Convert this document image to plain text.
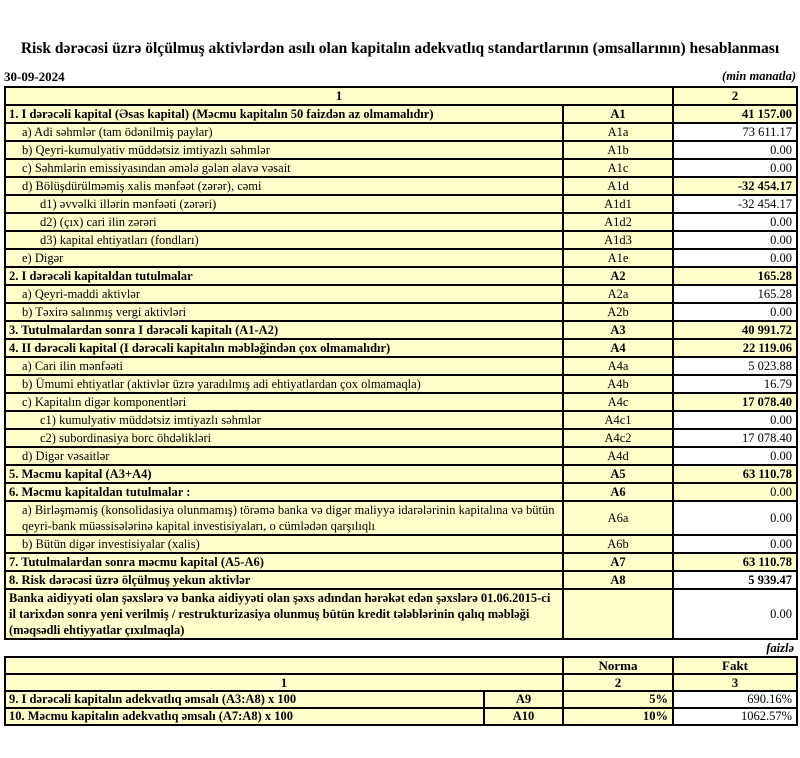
Risk dərəcəsi üzrə ölçülmuş aktivlərdən asılı olan kapitalın adekvatlıq standartlarının (əmsallarının) hesablanması
30-09-2024	(min manatla)
1		2
1. I dərəcəli kapital (Əsas kapital) (Məcmu kapitalın 50 faizdən az olmamalıdır)	A1	41 157.00
a) Adi səhmlər (tam ödənilmiş paylar)	A1a	73 611.17
b) Qeyri-kumulyativ müddətsiz imtiyazlı səhmlər	A1b	0.00
c) Səhmlərin emissiyasından əmələ gələn əlavə vəsait	A1c	0.00
d) Bölüşdürülməmiş xalis mənfəət (zərər), cəmi	A1d	-32 454.17
d1) əvvəlki illərin mənfəəti (zərəri)	A1d1	-32 454.17
d2) (çıx) cari ilin zərəri	A1d2	0.00
d3) kapital ehtiyatları (fondları)	A1d3	0.00
e) Digər	A1e	0.00
2. I dərəcəli kapitaldan tutulmalar	A2	165.28
a) Qeyri-maddi aktivlər	A2a	165.28
b) Təxirə salınmış vergi aktivləri	A2b	0.00
3. Tutulmalardan sonra I dərəcəli kapitalı (A1-A2)	A3	40 991.72
4. II dərəcəli kapital (I dərəcəli kapitalın məbləğindən çox olmamalıdır)	A4	22 119.06
a) Cari ilin mənfəəti	A4a	5 023.88
b) Ümumi ehtiyatlar (aktivlər üzrə yaradılmış adi ehtiyatlardan çox olmamaqla)	A4b	16.79
c) Kapitalın digər komponentləri	A4c	17 078.40
c1) kumulyativ müddətsiz imtiyazlı səhmlər	A4c1	0.00
c2) subordinasiya borc öhdəlikləri	A4c2	17 078.40
d) Digər vəsaitlər	A4d	0.00
5. Məcmu kapital (A3+A4)	A5	63 110.78
6. Məcmu kapitaldan tutulmalar :	A6	0.00
a) Birləşməmiş (konsolidasiya olunmamış) törəmə banka və digər maliyyə idarələrinin kapitalına və bütün qeyri-bank müəssisələrinə kapital investisiyaları, o cümlədən qarşılıqlı	A6a	0.00
b) Bütün digər investisiyalar (xalis)	A6b	0.00
7. Tutulmalardan sonra məcmu kapital (A5-A6)	A7	63 110.78
8. Risk dərəcəsi üzrə ölçülmuş yekun aktivlər	A8	5 939.47
Banka aidiyyəti olan şəxslərə və banka aidiyyəti olan şəxs adından hərəkət edən şəxslərə 01.06.2015-ci il tarixdən sonra yeni verilmiş / restrukturizasiya olunmuş bütün kredit tələblərinin qalıq məbləği (məqsədli ehtiyyatlar çıxılmaqla)		0.00
faizlə
		Norma	Fakt
1		2	3
9. I dərəcəli kapitalın adekvatlıq əmsalı (A3:A8) x 100	A9	5%	690.16%
10. Məcmu kapitalın adekvatlıq əmsalı (A7:A8) x 100	A10	10%	1062.57%
